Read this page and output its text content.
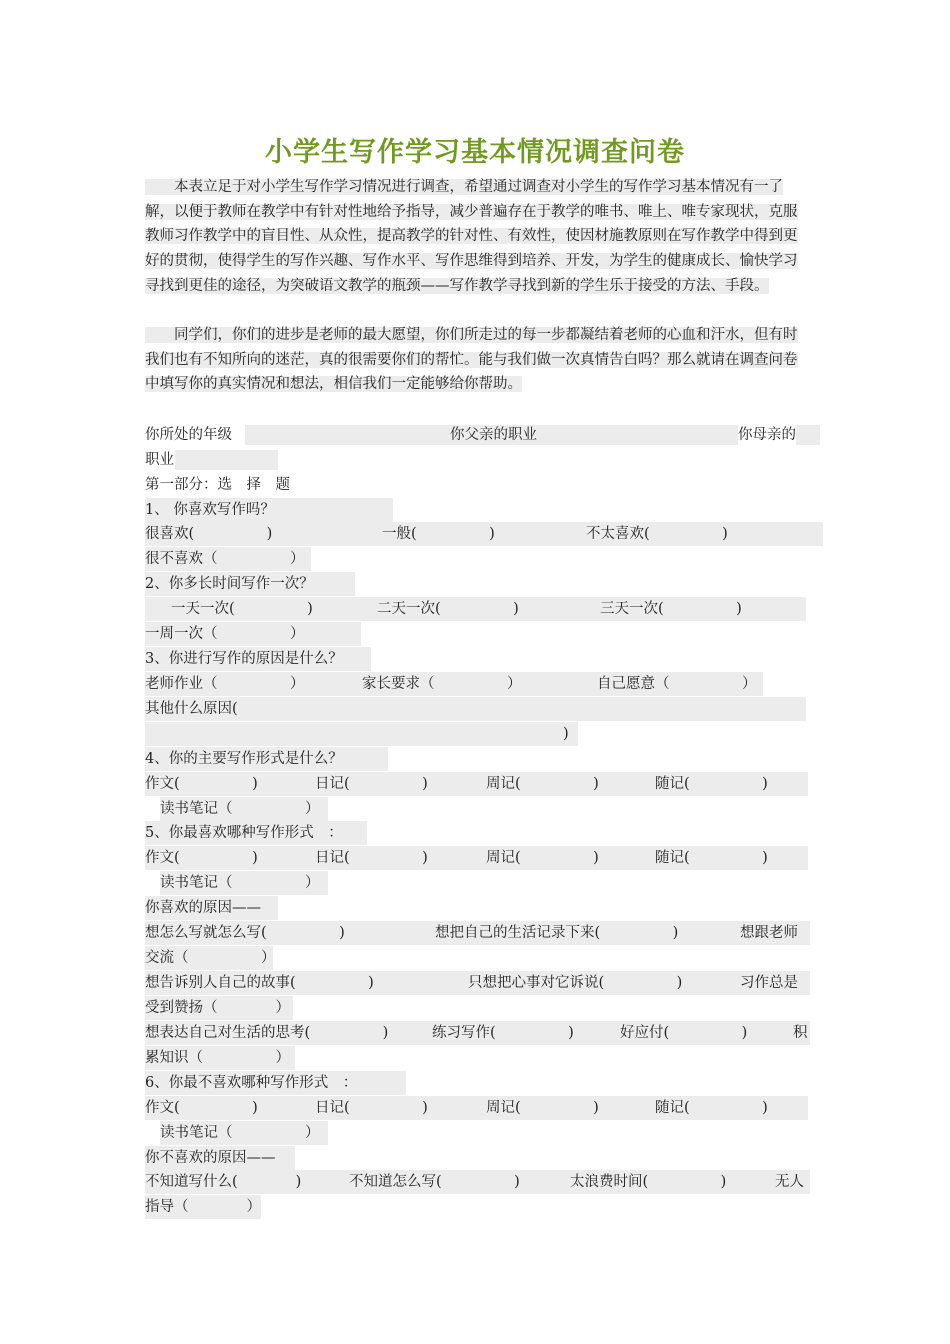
小学生写作学习基本情况调查问卷
　　本表立足于对小学生写作学习情况进行调查，希望通过调查对小学生的写作学习基本情况有一了解，以便于教师在教学中有针对性地给予指导，减少普遍存在于教学的唯书、唯上、唯专家现状，克服教师习作教学中的盲目性、从众性，提高教学的针对性、有效性，使因材施教原则在写作教学中得到更好的贯彻，使得学生的写作兴趣、写作水平、写作思维得到培养、开发，为学生的健康成长、愉快学习寻找到更佳的途径，为突破语文教学的瓶颈——写作教学寻找到新的学生乐于接受的方法、手段。
　　同学们，你们的进步是老师的最大愿望，你们所走过的每一步都凝结着老师的心血和汗水，但有时我们也有不知所向的迷茫，真的很需要你们的帮忙。能与我们做一次真情告白吗？那么就请在调查问卷中填写你的真实情况和想法，相信我们一定能够给你帮助。
你所处的年级	你父亲的职业	你母亲的
职业
第一部分：选　择　题
1、 你喜欢写作吗？
很喜欢(　　　　　)	一般(　　　　　)	不太喜欢(　　　　　)
很不喜欢（　　　　　）
2、你多长时间写作一次？
一天一次(　　　　　)	二天一次(　　　　　)	三天一次(　　　　　)
一周一次（　　　　　）
3、你进行写作的原因是什么？
老师作业（　　　　　）	家长要求（　　　　　）	自己愿意（　　　　　）
其他什么原因(
)
4、你的主要写作形式是什么？
作文(　　　　　)	日记(　　　　　)	周记(　　　　　)	随记(　　　　　)
读书笔记（　　　　　）
5、你最喜欢哪种写作形式　：
作文(　　　　　)	日记(　　　　　)	周记(　　　　　)	随记(　　　　　)
读书笔记（　　　　　）
你喜欢的原因——
想怎么写就怎么写(　　　　　)	想把自己的生活记录下来(　　　　　)	想跟老师
交流（　　　　　）
想告诉别人自己的故事(　　　　　)	只想把心事对它诉说(　　　　　)	习作总是
受到赞扬（　　　　）
想表达自己对生活的思考(　　　　　)	练习写作(　　　　　)	好应付(　　　　　)	积
累知识（　　　　　）
6、你最不喜欢哪种写作形式　：
作文(　　　　　)	日记(　　　　　)	周记(　　　　　)	随记(　　　　　)
读书笔记（　　　　　）
你不喜欢的原因——
不知道写什么(　　　　)	不知道怎么写(　　　　　)	太浪费时间(　　　　　)	无人
指导（　　　　）
